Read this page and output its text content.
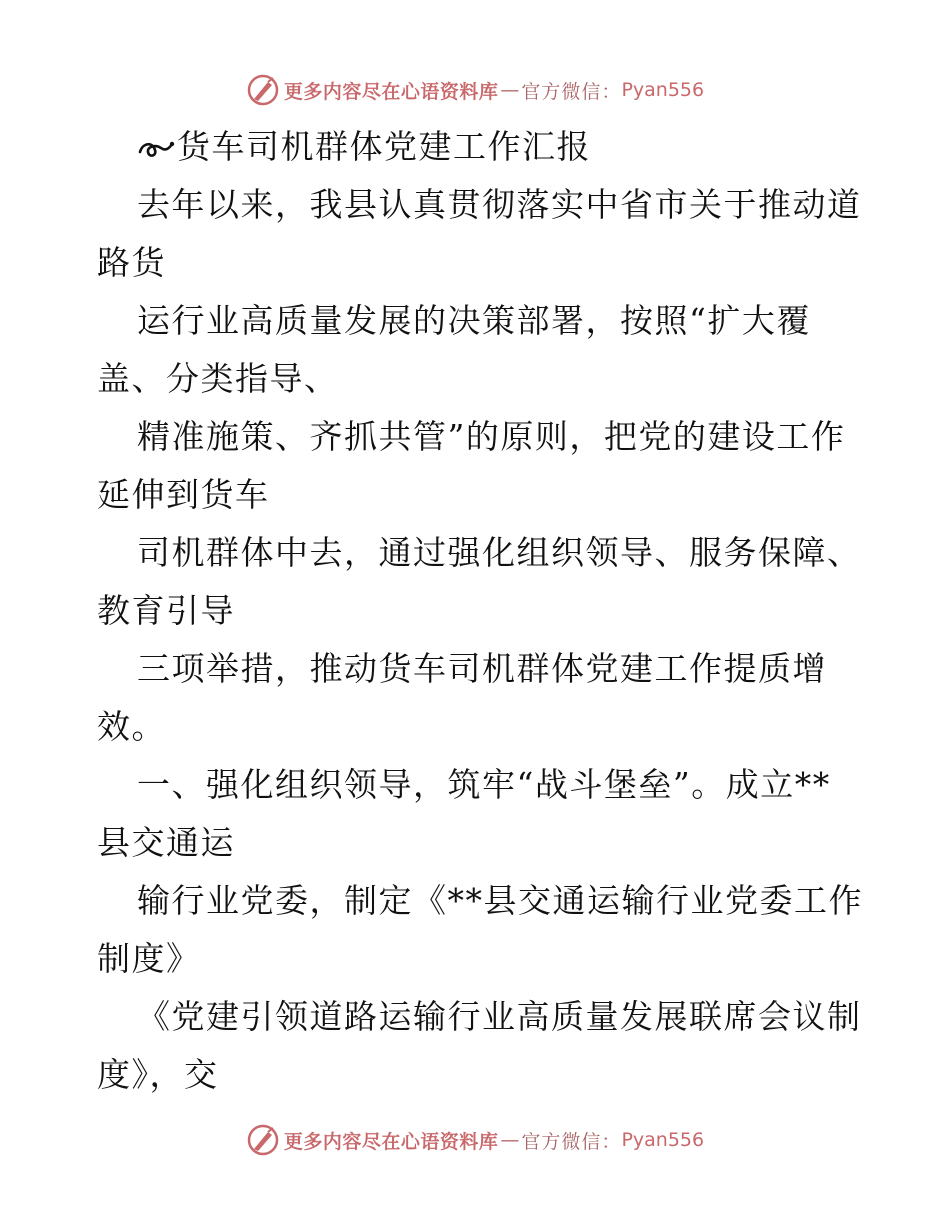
更多内容尽在心语资料库 — 官方微信： Pyan556
货车司机群体党建工作汇报
去年以来，我县认真贯彻落实中省市关于推动道
路货
运行业高质量发展的决策部署，按照“扩大覆
盖、分类指导、
精准施策、齐抓共管”的原则，把党的建设工作
延伸到货车
司机群体中去，通过强化组织领导、服务保障、
教育引导
三项举措，推动货车司机群体党建工作提质增
效。
一、强化组织领导，筑牢“战斗堡垒”。成立**
县交通运
输行业党委，制定《**县交通运输行业党委工作
制度》
《党建引领道路运输行业高质量发展联席会议制
度》，交
更多内容尽在心语资料库 — 官方微信： Pyan556
